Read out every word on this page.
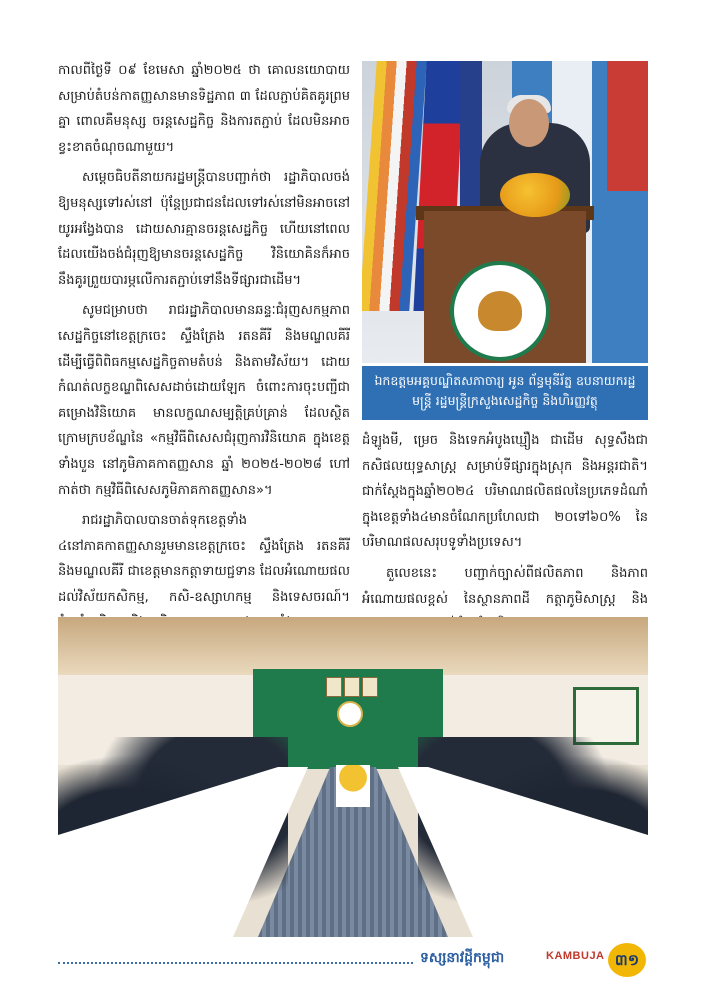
កាលពីថ្ងៃទី ០៩ ខែមេសា ឆ្នាំ២០២៥ ថា គោលនយោបាយសម្រាប់តំបន់កាតញ្ញសានមានទិដ្ឋភាព ៣ ដែលភ្ជាប់គិតគូរព្រមគ្នា ពោលគឺមនុស្ស ចរន្តសេដ្ឋកិច្ច និងការតភ្ជាប់ ដែលមិនអាចខ្វះខាតចំណុចណាមួយ។

សម្ដេចធិបតីនាយករដ្ឋមន្ត្រីបានបញ្ជាក់ថា រដ្ឋាភិបាលចង់ឱ្យមនុស្សទៅរស់នៅ ប៉ុន្តែប្រជាជនដែលទៅរស់នៅមិនអាចនៅយូរអង្វែងបាន ដោយសារគ្មានចរន្តសេដ្ឋកិច្ច ហើយនៅពេលដែលយើងចង់ជំរុញឱ្យមានចរន្តសេដ្ឋកិច្ច វិនិយោគិនក៏អាចនឹងគូរព្រួយបារម្ភលើការតភ្ជាប់ទៅនឹងទីផ្សារជាដើម។

សូមជម្រាបថា រាជរដ្ឋាភិបាលមានឆន្ទៈជំរុញសកម្មភាពសេដ្ឋកិច្ចនៅខេត្តក្រចេះ ស្ទឹងត្រែង រតនគីរី និងមណ្ឌលគីរី ដើម្បីធ្វើពិពិធកម្មសេដ្ឋកិច្ចតាមតំបន់ និងតាមវិស័យ។ ដោយកំណត់លក្ខខណ្ឌពិសេសដាច់ដោយឡែក ចំពោះការចុះបញ្ជីជាគម្រោងវិនិយោគ មានលក្ខណសម្បត្តិគ្រប់គ្រាន់ ដែលស្ថិតក្រោមក្របខ័ណ្ឌនៃ «កម្មវិធីពិសេសជំរុញការវិនិយោគ ក្នុងខេត្តទាំងបួន នៅភូមិភាគកាតញ្ញសាន ឆ្នាំ ២០២៥-២០២៨ ហៅកាត់ថា កម្មវិធីពិសេសភូមិភាគកាតញ្ញសាន»។

រាជរដ្ឋាភិបាលបានចាត់ទុកខេត្តទាំង ៤នៅភាគកាតញ្ញសានរួមមានខេត្តក្រចេះ ស្ទឹងត្រែង រតនគីរី និងមណ្ឌលគីរី ជាខេត្តមានកត្តាទាយជ្ជទាន ដែលអំណោយផលដល់វិស័យកសិកម្ម, កសិ-ឧស្សាហកម្ម និងទេសចរណ៍។

ឯកឧត្តមអគ្គបណ្ឌិតសភាចារ្យ អូន ព័ន្ធមុនីរ័ត្ន ឧបនាយករដ្ឋមន្ត្រី រដ្ឋមន្ត្រីក្រសួងសេដ្ឋកិច្ច និងហិរញ្ញវត្ថុ

ដំឡូងមី, ម្រេច និងទេកអំបូងឃ្មឿង ជាដើម សុទ្ធសឹងជាកសិផលយុទ្ធសាស្ត្រ សម្រាប់ទីផ្សារក្នុងស្រុក និងអន្តរជាតិ។ ជាក់ស្តែងក្នុងឆ្នាំ២០២៤ បរិមាណផលិតផលនៃប្រភេទដំណាំក្នុងខេត្តទាំង៤មានចំណែកប្រហែលជា ២០ទៅ៦០% នៃបរិមាណផលសរុបទូទាំងប្រទេស។

តួលេខនេះ បញ្ជាក់ច្បាស់ពីផលិតភាព និងភាពអំណោយផលខ្ពស់ នៃស្ថានភាពដី កត្តាភូមិសាស្ត្រ និង

ទស្សនាវដ្ដីកម្ពុជា	KAMBUJA ៣១
